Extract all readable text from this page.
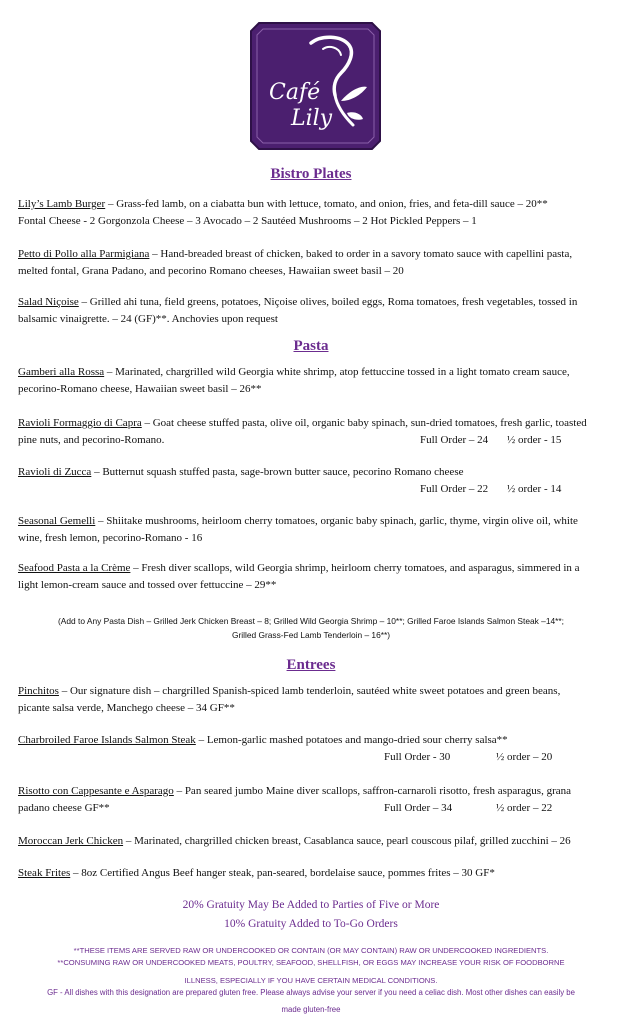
Café
Lily
Bistro Plates
Lily’s Lamb Burger – Grass-fed lamb, on a ciabatta bun with lettuce, tomato, and onion, fries, and feta-dill sauce – 20**
Fontal Cheese - 2 Gorgonzola Cheese – 3 Avocado – 2 Sautéed Mushrooms – 2 Hot Pickled Peppers – 1
Petto di Pollo alla Parmigiana – Hand-breaded breast of chicken, baked to order in a savory tomato sauce with capellini pasta,
melted fontal, Grana Padano, and pecorino Romano cheeses, Hawaiian sweet basil – 20
Salad Niçoise – Grilled ahi tuna, field greens, potatoes, Niçoise olives, boiled eggs, Roma tomatoes, fresh vegetables, tossed in
balsamic vinaigrette. – 24 (GF)**. Anchovies upon request
Pasta
Gamberi alla Rossa – Marinated, chargrilled wild Georgia white shrimp, atop fettuccine tossed in a light tomato cream sauce,
pecorino-Romano cheese, Hawaiian sweet basil – 26**
Ravioli Formaggio di Capra – Goat cheese stuffed pasta, olive oil, organic baby spinach, sun-dried tomatoes, fresh garlic, toasted
pine nuts, and pecorino-Romano.	Full Order – 24 ½ order - 15
Ravioli di Zucca – Butternut squash stuffed pasta, sage-brown butter sauce, pecorino Romano cheese
Full Order – 22 ½ order - 14
Seasonal Gemelli – Shiitake mushrooms, heirloom cherry tomatoes, organic baby spinach, garlic, thyme, virgin olive oil, white
wine, fresh lemon, pecorino-Romano - 16
Seafood Pasta a la Crème – Fresh diver scallops, wild Georgia shrimp, heirloom cherry tomatoes, and asparagus, simmered in a
light lemon-cream sauce and tossed over fettuccine – 29**
(Add to Any Pasta Dish – Grilled Jerk Chicken Breast – 8; Grilled Wild Georgia Shrimp – 10**; Grilled Faroe Islands Salmon Steak –14**;
Grilled Grass-Fed Lamb Tenderloin – 16**)
Entrees
Pinchitos – Our signature dish – chargrilled Spanish-spiced lamb tenderloin, sautéed white sweet potatoes and green beans,
picante salsa verde, Manchego cheese – 34 GF**
Charbroiled Faroe Islands Salmon Steak – Lemon-garlic mashed potatoes and mango-dried sour cherry salsa**
Full Order - 30	½ order – 20
Risotto con Cappesante e Asparago – Pan seared jumbo Maine diver scallops, saffron-carnaroli risotto, fresh asparagus, grana
padano cheese GF**	Full Order – 34	½ order – 22
Moroccan Jerk Chicken – Marinated, chargrilled chicken breast, Casablanca sauce, pearl couscous pilaf, grilled zucchini – 26
Steak Frites – 8oz Certified Angus Beef hanger steak, pan-seared, bordelaise sauce, pommes frites – 30 GF*
20% Gratuity May Be Added to Parties of Five or More
10% Gratuity Added to To-Go Orders
**THESE ITEMS ARE SERVED RAW OR UNDERCOOKED OR CONTAIN (OR MAY CONTAIN) RAW OR UNDERCOOKED INGREDIENTS.
**CONSUMING RAW OR UNDERCOOKED MEATS, POULTRY, SEAFOOD, SHELLFISH, OR EGGS MAY INCREASE YOUR RISK OF FOODBORNE
ILLNESS, ESPECIALLY IF YOU HAVE CERTAIN MEDICAL CONDITIONS.
GF - All dishes with this designation are prepared gluten free. Please always advise your server if you need a celiac dish. Most other dishes can easily be
made gluten-free
